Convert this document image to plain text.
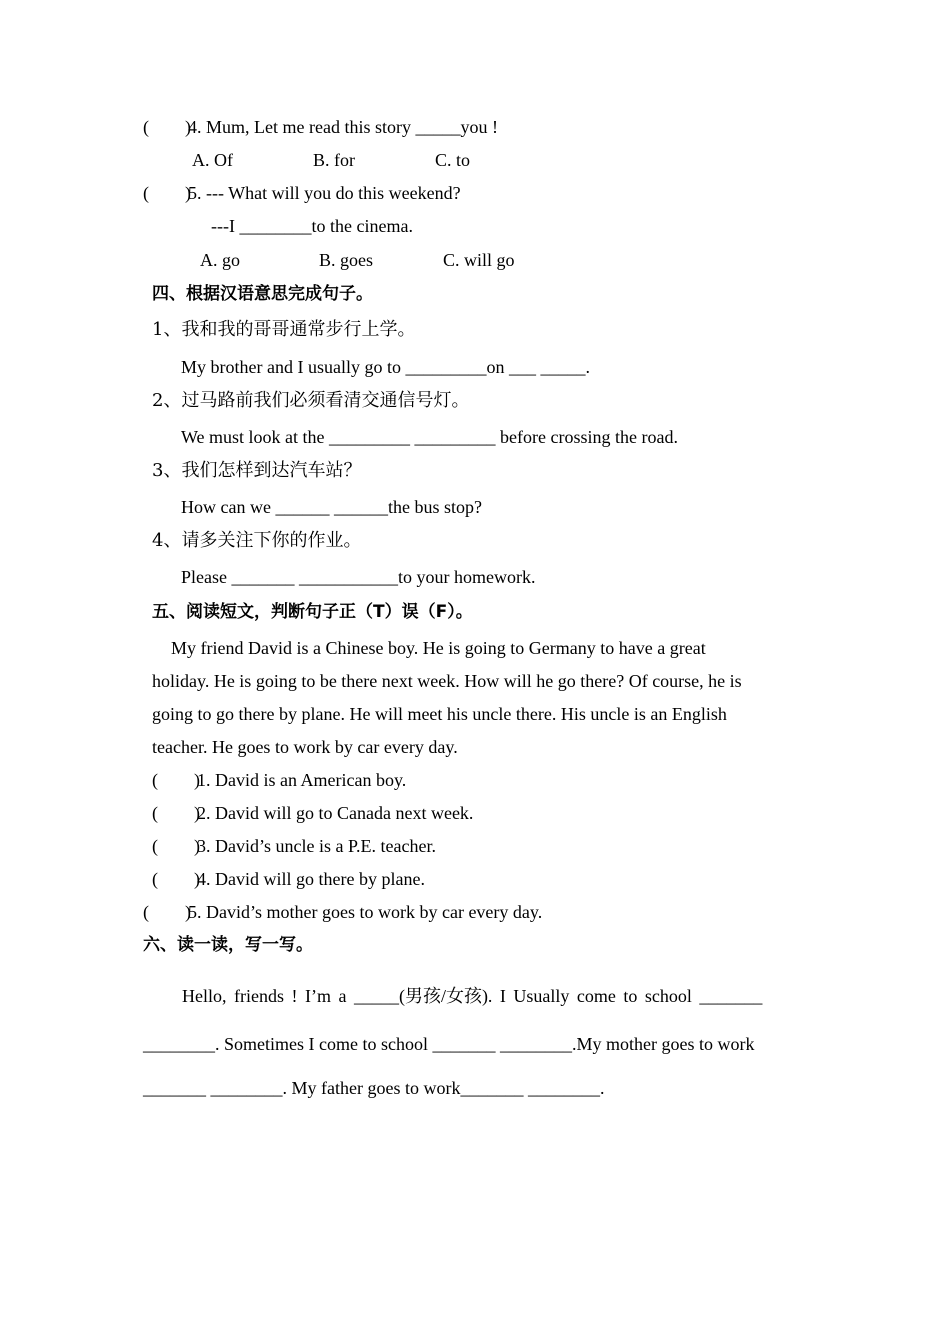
(        )
4. Mum, Let me read this story _____you !
A. Of	B. for	C. to
(        )
5. --- What will you do this weekend?
---I ________to the cinema.
A. go	B. goes	C. will go
四、根据汉语意思完成句子。
1、我和我的哥哥通常步行上学。
My brother and I usually go to _________on ___ _____.
2、过马路前我们必须看清交通信号灯。
We must look at the _________ _________ before crossing the road.
3、我们怎样到达汽车站？
How can we ______ ______the bus stop?
4、请多关注下你的作业。
Please _______ ___________to your homework.
五、阅读短文，判断句子正（T）误（F）。
My friend David is a Chinese boy. He is going to Germany to have a great
holiday. He is going to be there next week. How will he go there? Of course, he is
going to go there by plane. He will meet his uncle there. His uncle is an English
teacher. He goes to work by car every day.
(        )
1. David is an American boy.
(        )
2. David will go to Canada next week.
(        )
3. David’s uncle is a P.E. teacher.
(        )
4. David will go there by plane.
(        )
5. David’s mother goes to work by car every day.
六、读一读，写一写。
Hello, friends ! I’m a _____(男孩/女孩). I Usually come to school _______
________. Sometimes I come to school _______ ________.My mother goes to work
_______ ________. My father goes to work_______ ________.
